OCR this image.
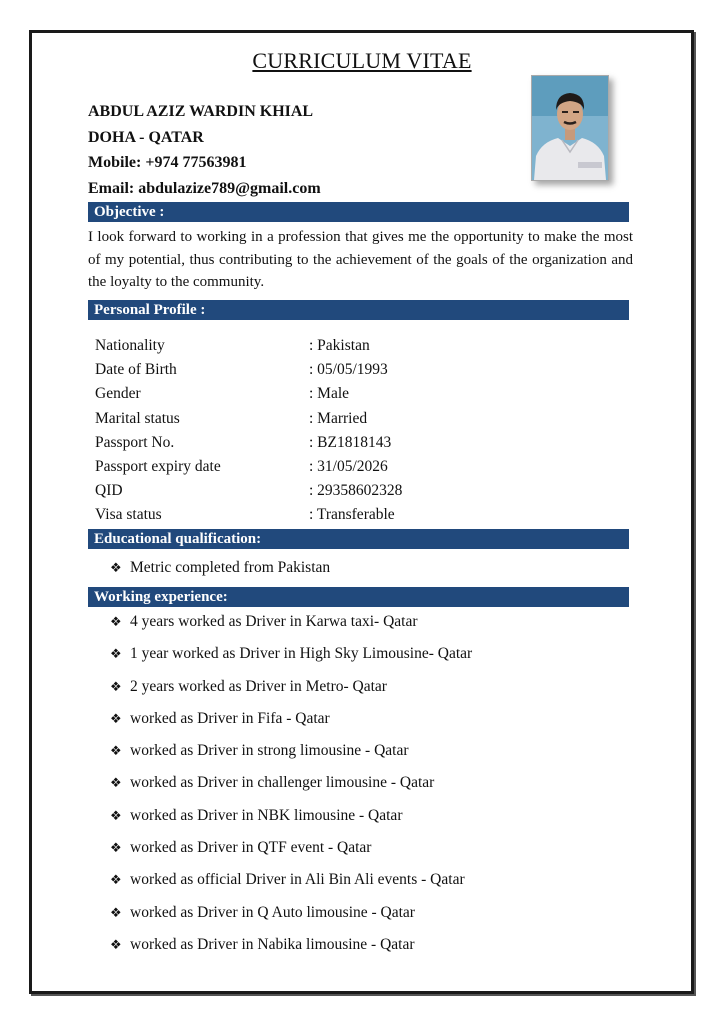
CURRICULUM VITAE
ABDUL AZIZ WARDIN KHIAL
DOHA - QATAR
Mobile: +974 77563981
Email: abdulazize789@gmail.com
Objective :
I look forward to working in a profession that gives me the opportunity to make the most of my potential, thus contributing to the achievement of the goals of the organization and the loyalty to the community.
Personal Profile :
Nationality	: Pakistan
Date of Birth	: 05/05/1993
Gender	: Male
Marital status	: Married
Passport No.	: BZ1818143
Passport expiry date	: 31/05/2026
QID	: 29358602328
Visa status	: Transferable
Educational qualification:
❖ Metric completed from Pakistan
Working experience:
❖ 4 years worked as Driver in Karwa taxi- Qatar
❖ 1 year worked as Driver in High Sky Limousine- Qatar
❖ 2 years worked as Driver in Metro- Qatar
❖ worked as Driver in Fifa - Qatar
❖ worked as Driver in strong limousine - Qatar
❖ worked as Driver in challenger limousine - Qatar
❖ worked as Driver in NBK limousine - Qatar
❖ worked as Driver in QTF event - Qatar
❖ worked as official Driver in Ali Bin Ali events - Qatar
❖ worked as Driver in Q Auto limousine - Qatar
❖ worked as Driver in Nabika limousine - Qatar
